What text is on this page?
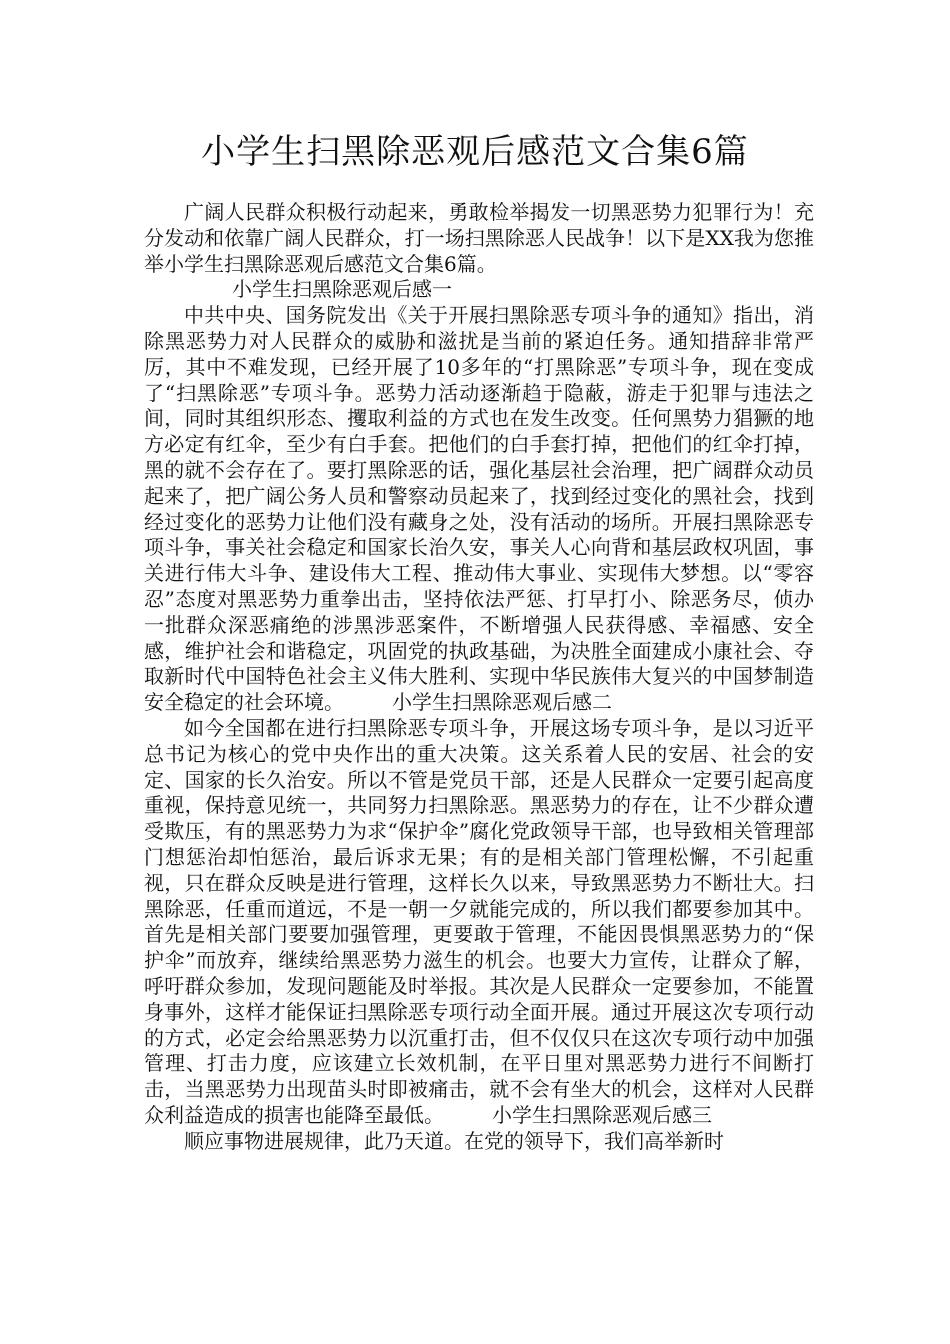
小学生扫黑除恶观后感范文合集6篇

广阔人民群众积极行动起来，勇敢检举揭发一切黑恶势力犯罪行为！充分发动和依靠广阔人民群众，打一场扫黑除恶人民战争！以下是XX我为您推举小学生扫黑除恶观后感范文合集6篇。

小学生扫黑除恶观后感一

中共中央、国务院发出《关于开展扫黑除恶专项斗争的通知》指出，消除黑恶势力对人民群众的威胁和滋扰是当前的紧迫任务。通知措辞非常严厉，其中不难发现，已经开展了10多年的“打黑除恶”专项斗争，现在变成了“扫黑除恶”专项斗争。恶势力活动逐渐趋于隐蔽，游走于犯罪与违法之间，同时其组织形态、攫取利益的方式也在发生改变。任何黑势力猖獗的地方必定有红伞，至少有白手套。把他们的白手套打掉，把他们的红伞打掉，黑的就不会存在了。要打黑除恶的话，强化基层社会治理，把广阔群众动员起来了，把广阔公务人员和警察动员起来了，找到经过变化的黑社会，找到经过变化的恶势力让他们没有藏身之处，没有活动的场所。开展扫黑除恶专项斗争，事关社会稳定和国家长治久安，事关人心向背和基层政权巩固，事关进行伟大斗争、建设伟大工程、推动伟大事业、实现伟大梦想。以“零容忍”态度对黑恶势力重拳出击，坚持依法严惩、打早打小、除恶务尽，侦办一批群众深恶痛绝的涉黑涉恶案件，不断增强人民获得感、幸福感、安全感，维护社会和谐稳定，巩固党的执政基础，为决胜全面建成小康社会、夺取新时代中国特色社会主义伟大胜利、实现中华民族伟大复兴的中国梦制造安全稳定的社会环境。 小学生扫黑除恶观后感二

如今全国都在进行扫黑除恶专项斗争，开展这场专项斗争，是以习近平总书记为核心的党中央作出的重大决策。这关系着人民的安居、社会的安定、国家的长久治安。所以不管是党员干部，还是人民群众一定要引起高度重视，保持意见统一，共同努力扫黑除恶。黑恶势力的存在，让不少群众遭受欺压，有的黑恶势力为求“保护伞”腐化党政领导干部，也导致相关管理部门想惩治却怕惩治，最后诉求无果；有的是相关部门管理松懈，不引起重视，只在群众反映是进行管理，这样长久以来，导致黑恶势力不断壮大。扫黑除恶，任重而道远，不是一朝一夕就能完成的，所以我们都要参加其中。首先是相关部门要要加强管理，更要敢于管理，不能因畏惧黑恶势力的“保护伞”而放弃，继续给黑恶势力滋生的机会。也要大力宣传，让群众了解，呼吁群众参加，发现问题能及时举报。其次是人民群众一定要参加，不能置身事外，这样才能保证扫黑除恶专项行动全面开展。通过开展这次专项行动的方式，必定会给黑恶势力以沉重打击，但不仅仅只在这次专项行动中加强管理、打击力度，应该建立长效机制，在平日里对黑恶势力进行不间断打击，当黑恶势力出现苗头时即被痛击，就不会有坐大的机会，这样对人民群众利益造成的损害也能降至最低。 小学生扫黑除恶观后感三

顺应事物进展规律，此乃天道。在党的领导下，我们高举新时
